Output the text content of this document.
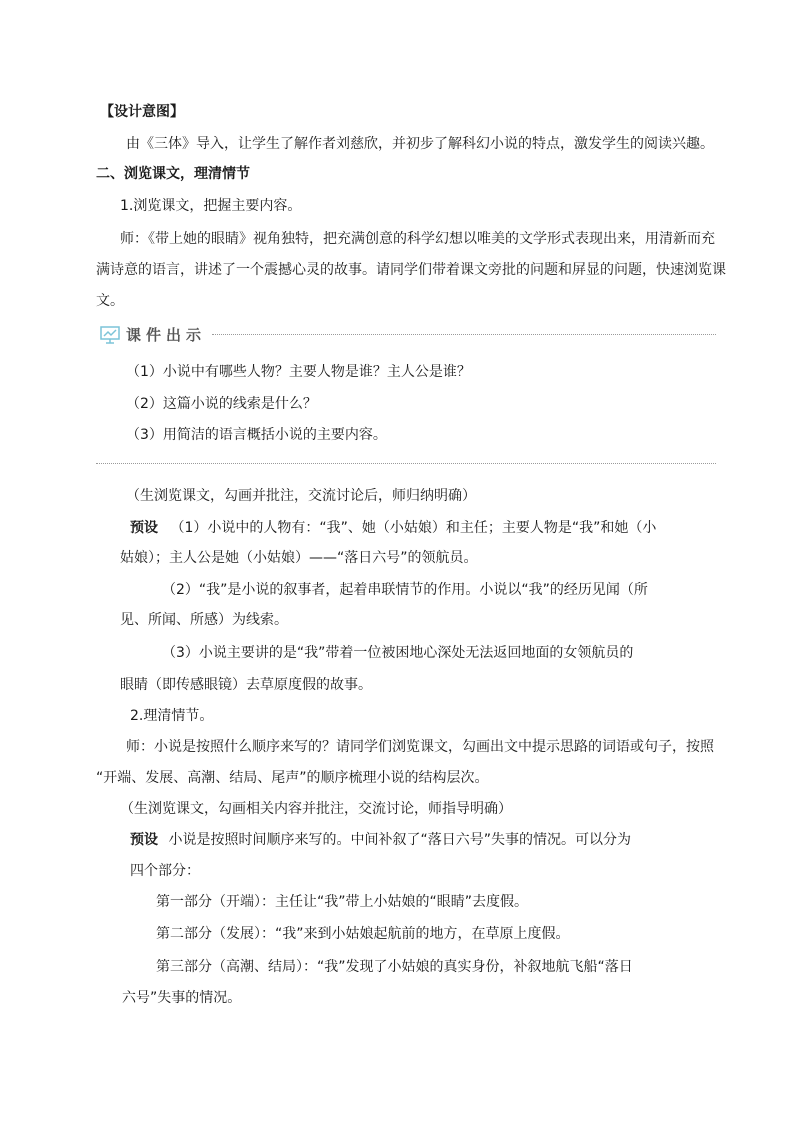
【设计意图】
由《三体》导入，让学生了解作者刘慈欣，并初步了解科幻小说的特点，激发学生的阅读兴趣。
二、浏览课文，理清情节
1.浏览课文，把握主要内容。
师：《带上她的眼睛》视角独特，把充满创意的科学幻想以唯美的文学形式表现出来，用清新而充
满诗意的语言，讲述了一个震撼心灵的故事。请同学们带着课文旁批的问题和屏显的问题，快速浏览课
文。
课件出示
（1）小说中有哪些人物？主要人物是谁？主人公是谁？
（2）这篇小说的线索是什么？
（3）用简洁的语言概括小说的主要内容。
（生浏览课文，勾画并批注，交流讨论后，师归纳明确）
预设 （1）小说中的人物有：“我”、她（小姑娘）和主任；主要人物是“我”和她（小
姑娘）；主人公是她（小姑娘）——“落日六号”的领航员。
（2）“我”是小说的叙事者，起着串联情节的作用。小说以“我”的经历见闻（所
见、所闻、所感）为线索。
（3）小说主要讲的是“我”带着一位被困地心深处无法返回地面的女领航员的
眼睛（即传感眼镜）去草原度假的故事。
2.理清情节。
师：小说是按照什么顺序来写的？请同学们浏览课文，勾画出文中提示思路的词语或句子，按照
“开端、发展、高潮、结局、尾声”的顺序梳理小说的结构层次。
（生浏览课文，勾画相关内容并批注，交流讨论，师指导明确）
预设 小说是按照时间顺序来写的。中间补叙了“落日六号”失事的情况。可以分为
四个部分：
第一部分（开端）：主任让“我”带上小姑娘的“眼睛”去度假。
第二部分（发展）：“我”来到小姑娘起航前的地方，在草原上度假。
第三部分（高潮、结局）：“我”发现了小姑娘的真实身份，补叙地航飞船“落日
六号”失事的情况。
